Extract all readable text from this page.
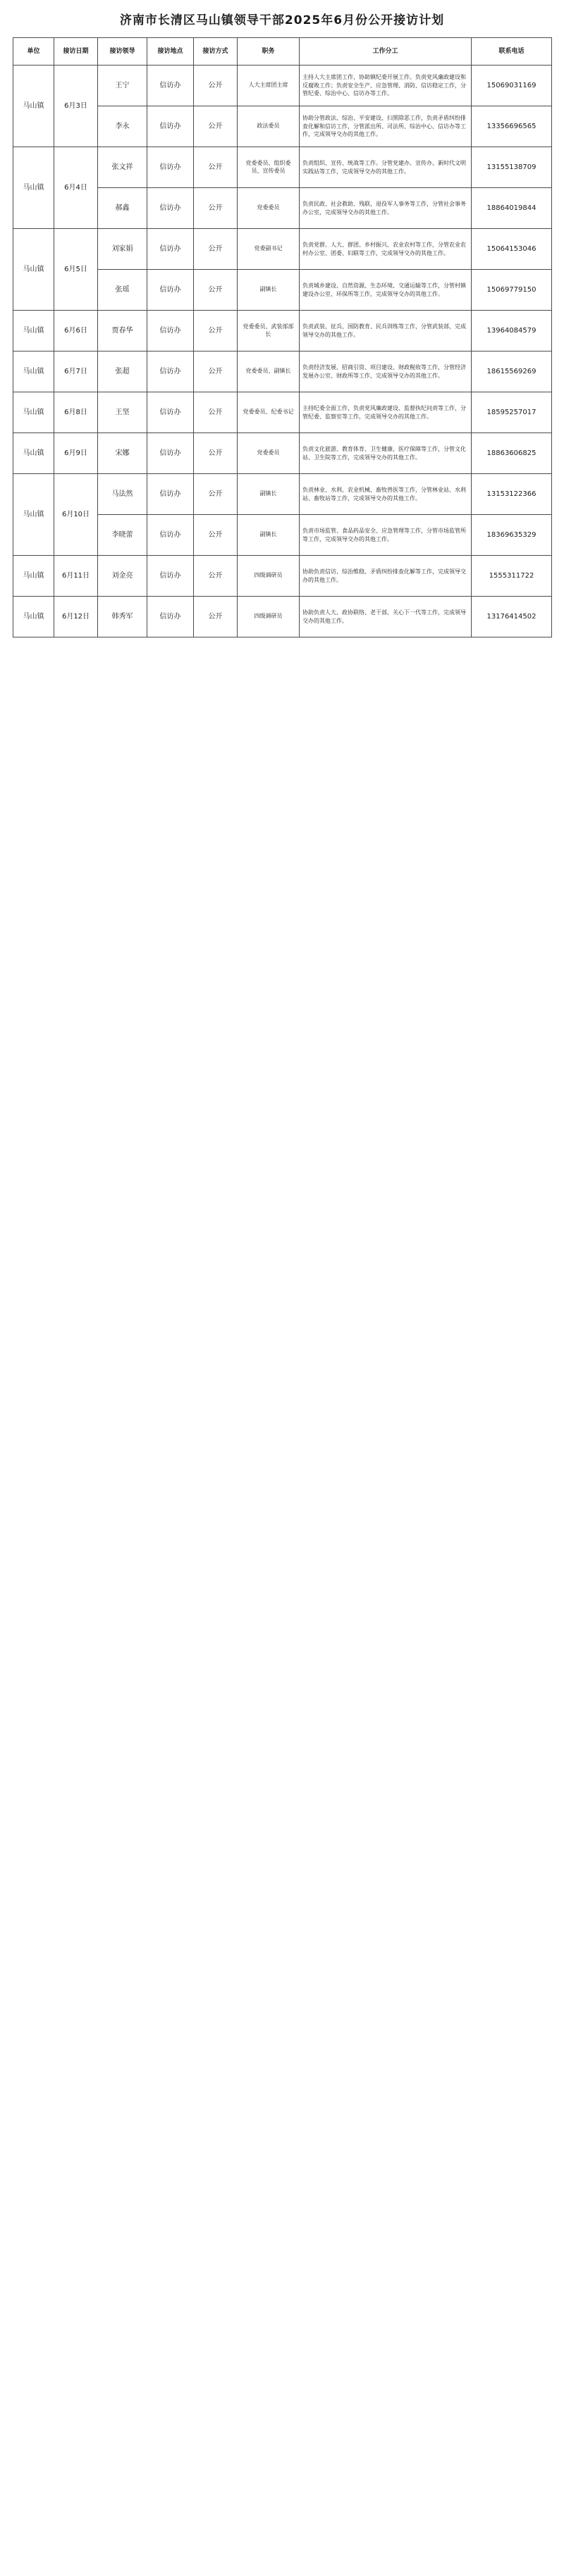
济南市长清区马山镇领导干部2025年6月份公开接访计划
单位	接访日期	接访领导	接访地点	接访方式	职务	工作分工	联系电话
马山镇	6月3日	王宁	信访办	公开	人大主席团主席	主持人大主席团工作，协助镇纪委开展工作。负责党风廉政建设和反腐败工作；负责安全生产、应急管理、消防、信访稳定工作，分管纪委、综治中心、信访办等工作。	15069031169
		李永	信访办	公开	政法委员	协助分管政法、综治、平安建设、扫黑除恶工作，负责矛盾纠纷排查化解和信访工作，分管派出所、司法所、综治中心、信访办等工作，完成领导交办的其他工作。	13356696565
马山镇	6月4日	张文祥	信访办	公开	党委委员、组织委员、宣传委员	负责组织、宣传、统战等工作。分管党建办、宣传办、新时代文明实践站等工作，完成领导交办的其他工作。	13155138709
		郝鑫	信访办	公开	党委委员	负责民政、社会救助、残联、退役军人事务等工作，分管社会事务办公室，完成领导交办的其他工作。	18864019844
马山镇	6月5日	刘家娟	信访办	公开	党委副书记	负责党群、人大、群团、乡村振兴、农业农村等工作，分管农业农村办公室、团委、妇联等工作，完成领导交办的其他工作。	15064153046
		张瑶	信访办	公开	副镇长	负责城乡建设、自然资源、生态环境、交通运输等工作，分管村镇建设办公室、环保所等工作，完成领导交办的其他工作。	15069779150
马山镇	6月6日	贾春华	信访办	公开	党委委员、武装部部长	负责武装、征兵、国防教育、民兵训练等工作，分管武装部，完成领导交办的其他工作。	13964084579
马山镇	6月7日	张超	信访办	公开	党委委员、副镇长	负责经济发展、招商引资、项目建设、财政税收等工作，分管经济发展办公室、财政所等工作，完成领导交办的其他工作。	18615569269
马山镇	6月8日	王坚	信访办	公开	党委委员、纪委书记	主持纪委全面工作，负责党风廉政建设、监督执纪问责等工作，分管纪委、监察室等工作，完成领导交办的其他工作。	18595257017
马山镇	6月9日	宋娜	信访办	公开	党委委员	负责文化旅游、教育体育、卫生健康、医疗保障等工作，分管文化站、卫生院等工作，完成领导交办的其他工作。	18863606825
马山镇	6月10日	马法然	信访办	公开	副镇长	负责林业、水利、农业机械、畜牧兽医等工作，分管林业站、水利站、畜牧站等工作，完成领导交办的其他工作。	13153122366
		李晓蕾	信访办	公开	副镇长	负责市场监管、食品药品安全、应急管理等工作，分管市场监管所等工作，完成领导交办的其他工作。	18369635329
马山镇	6月11日	刘金亮	信访办	公开	四级调研员	协助负责信访、综治维稳、矛盾纠纷排查化解等工作，完成领导交办的其他工作。	1555311722
马山镇	6月12日	韩秀军	信访办	公开	四级调研员	协助负责人大、政协联络、老干部、关心下一代等工作，完成领导交办的其他工作。	13176414502
